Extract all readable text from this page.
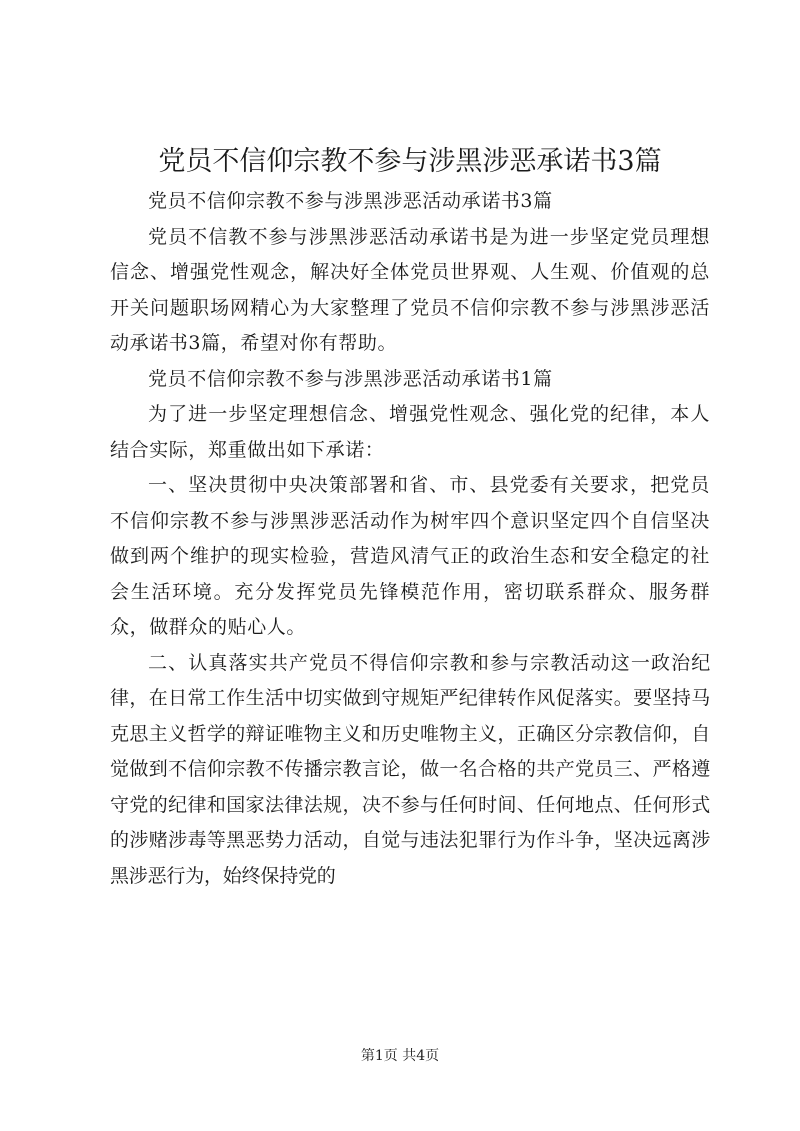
党员不信仰宗教不参与涉黑涉恶承诺书3篇

党员不信仰宗教不参与涉黑涉恶活动承诺书3篇

党员不信教不参与涉黑涉恶活动承诺书是为进一步坚定党员理想信念、增强党性观念，解决好全体党员世界观、人生观、价值观的总开关问题职场网精心为大家整理了党员不信仰宗教不参与涉黑涉恶活动承诺书3篇，希望对你有帮助。

党员不信仰宗教不参与涉黑涉恶活动承诺书1篇

为了进一步坚定理想信念、增强党性观念、强化党的纪律，本人结合实际，郑重做出如下承诺：

一、坚决贯彻中央决策部署和省、市、县党委有关要求，把党员不信仰宗教不参与涉黑涉恶活动作为树牢四个意识坚定四个自信坚决做到两个维护的现实检验，营造风清气正的政治生态和安全稳定的社会生活环境。充分发挥党员先锋模范作用，密切联系群众、服务群众，做群众的贴心人。

二、认真落实共产党员不得信仰宗教和参与宗教活动这一政治纪律，在日常工作生活中切实做到守规矩严纪律转作风促落实。要坚持马克思主义哲学的辩证唯物主义和历史唯物主义，正确区分宗教信仰，自觉做到不信仰宗教不传播宗教言论，做一名合格的共产党员三、严格遵守党的纪律和国家法律法规，决不参与任何时间、任何地点、任何形式的涉赌涉毒等黑恶势力活动，自觉与违法犯罪行为作斗争，坚决远离涉黑涉恶行为，始终保持党的

第1页 共4页
